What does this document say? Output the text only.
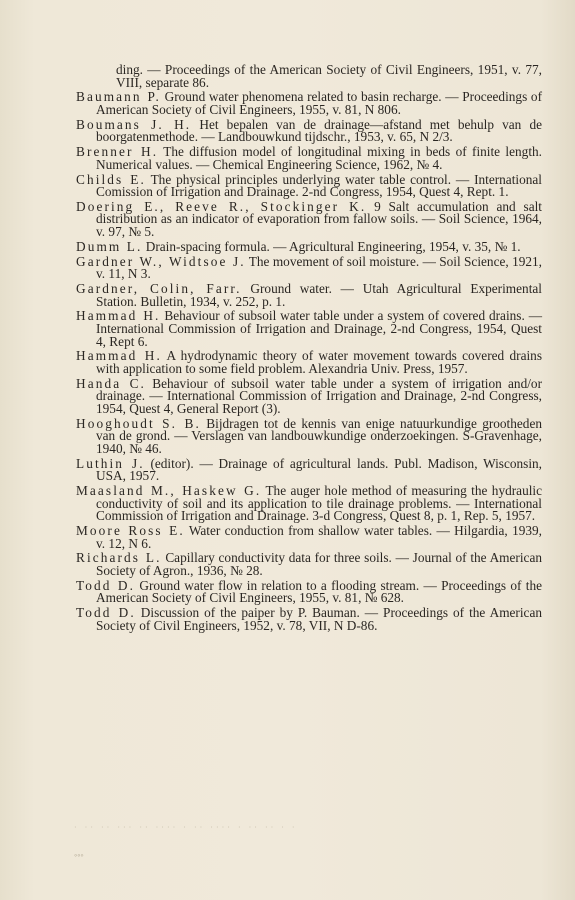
ding. — Proceedings of the American Society of Civil Engineers, 1951, v. 77, VIII, separate 86.

Baumann P. Ground water phenomena related to basin recharge. — Proceedings of American Society of Civil Engineers, 1955, v. 81, N 806.

Boumans J. H. Het bepalen van de drainage—afstand met behulp van de boorgatenmethode. — Landbouwkund tijdschr., 1953, v. 65, N 2/3.

Brenner H. The diffusion model of longitudinal mixing in beds of finite length. Numerical values. — Chemical Engineering Science, 1962, № 4.

Childs E. The physical principles underlying water table control. — International Comission of Irrigation and Drainage. 2-nd Congress, 1954, Quest 4, Rept. 1.

Doering E., Reeve R., Stockinger K. 9 Salt accumulation and salt distribution as an indicator of evaporation from fallow soils. — Soil Science, 1964, v. 97, № 5.

Dumm L. Drain-spacing formula. — Agricultural Engineering, 1954, v. 35, № 1.

Gardner W., Widtsoe J. The movement of soil moisture. — Soil Science, 1921, v. 11, N 3.

Gardner, Colin, Farr. Ground water. — Utah Agricultural Experimental Station. Bulletin, 1934, v. 252, p. 1.

Hammad H. Behaviour of subsoil water table under a system of covered drains. — International Commission of Irrigation and Drainage, 2-nd Congress, 1954, Quest 4, Rept 6.

Hammad H. A hydrodynamic theory of water movement towards covered drains with application to some field problem. Alexandria Univ. Press, 1957.

Handa C. Behaviour of subsoil water table under a system of irrigation and/or drainage. — International Commission of Irrigation and Drainage, 2-nd Congress, 1954, Quest 4, General Report (3).

Hooghoudt S. B. Bijdragen tot de kennis van enige natuurkundige grootheden van de grond. — Verslagen van landbouwkundige onderzoekingen. S-Gravenhage, 1940, № 46.

Luthin J. (editor). — Drainage of agricultural lands. Publ. Madison, Wisconsin, USA, 1957.

Maasland M., Haskew G. The auger hole method of measuring the hydraulic conductivity of soil and its application to tile drainage problems. — International Commission of Irrigation and Drainage. 3-d Congress, Quest 8, p. 1, Rep. 5, 1957.

Moore Ross E. Water conduction from shallow water tables. — Hilgardia, 1939, v. 12, N 6.

Richards L. Capillary conductivity data for three soils. — Journal of the American Society of Agron., 1936, № 28.

Todd D. Ground water flow in relation to a flooding stream. — Proceedings of the American Society of Civil Engineers, 1955, v. 81, № 628.

Todd D. Discussion of the paiper by P. Bauman. — Proceedings of the American Society of Civil Engineers, 1952, v. 78, VII, N D-86.

· ·· ·· ··· ·· ···· · ·· ···· · ·· ·· · ·
◦◦◦
